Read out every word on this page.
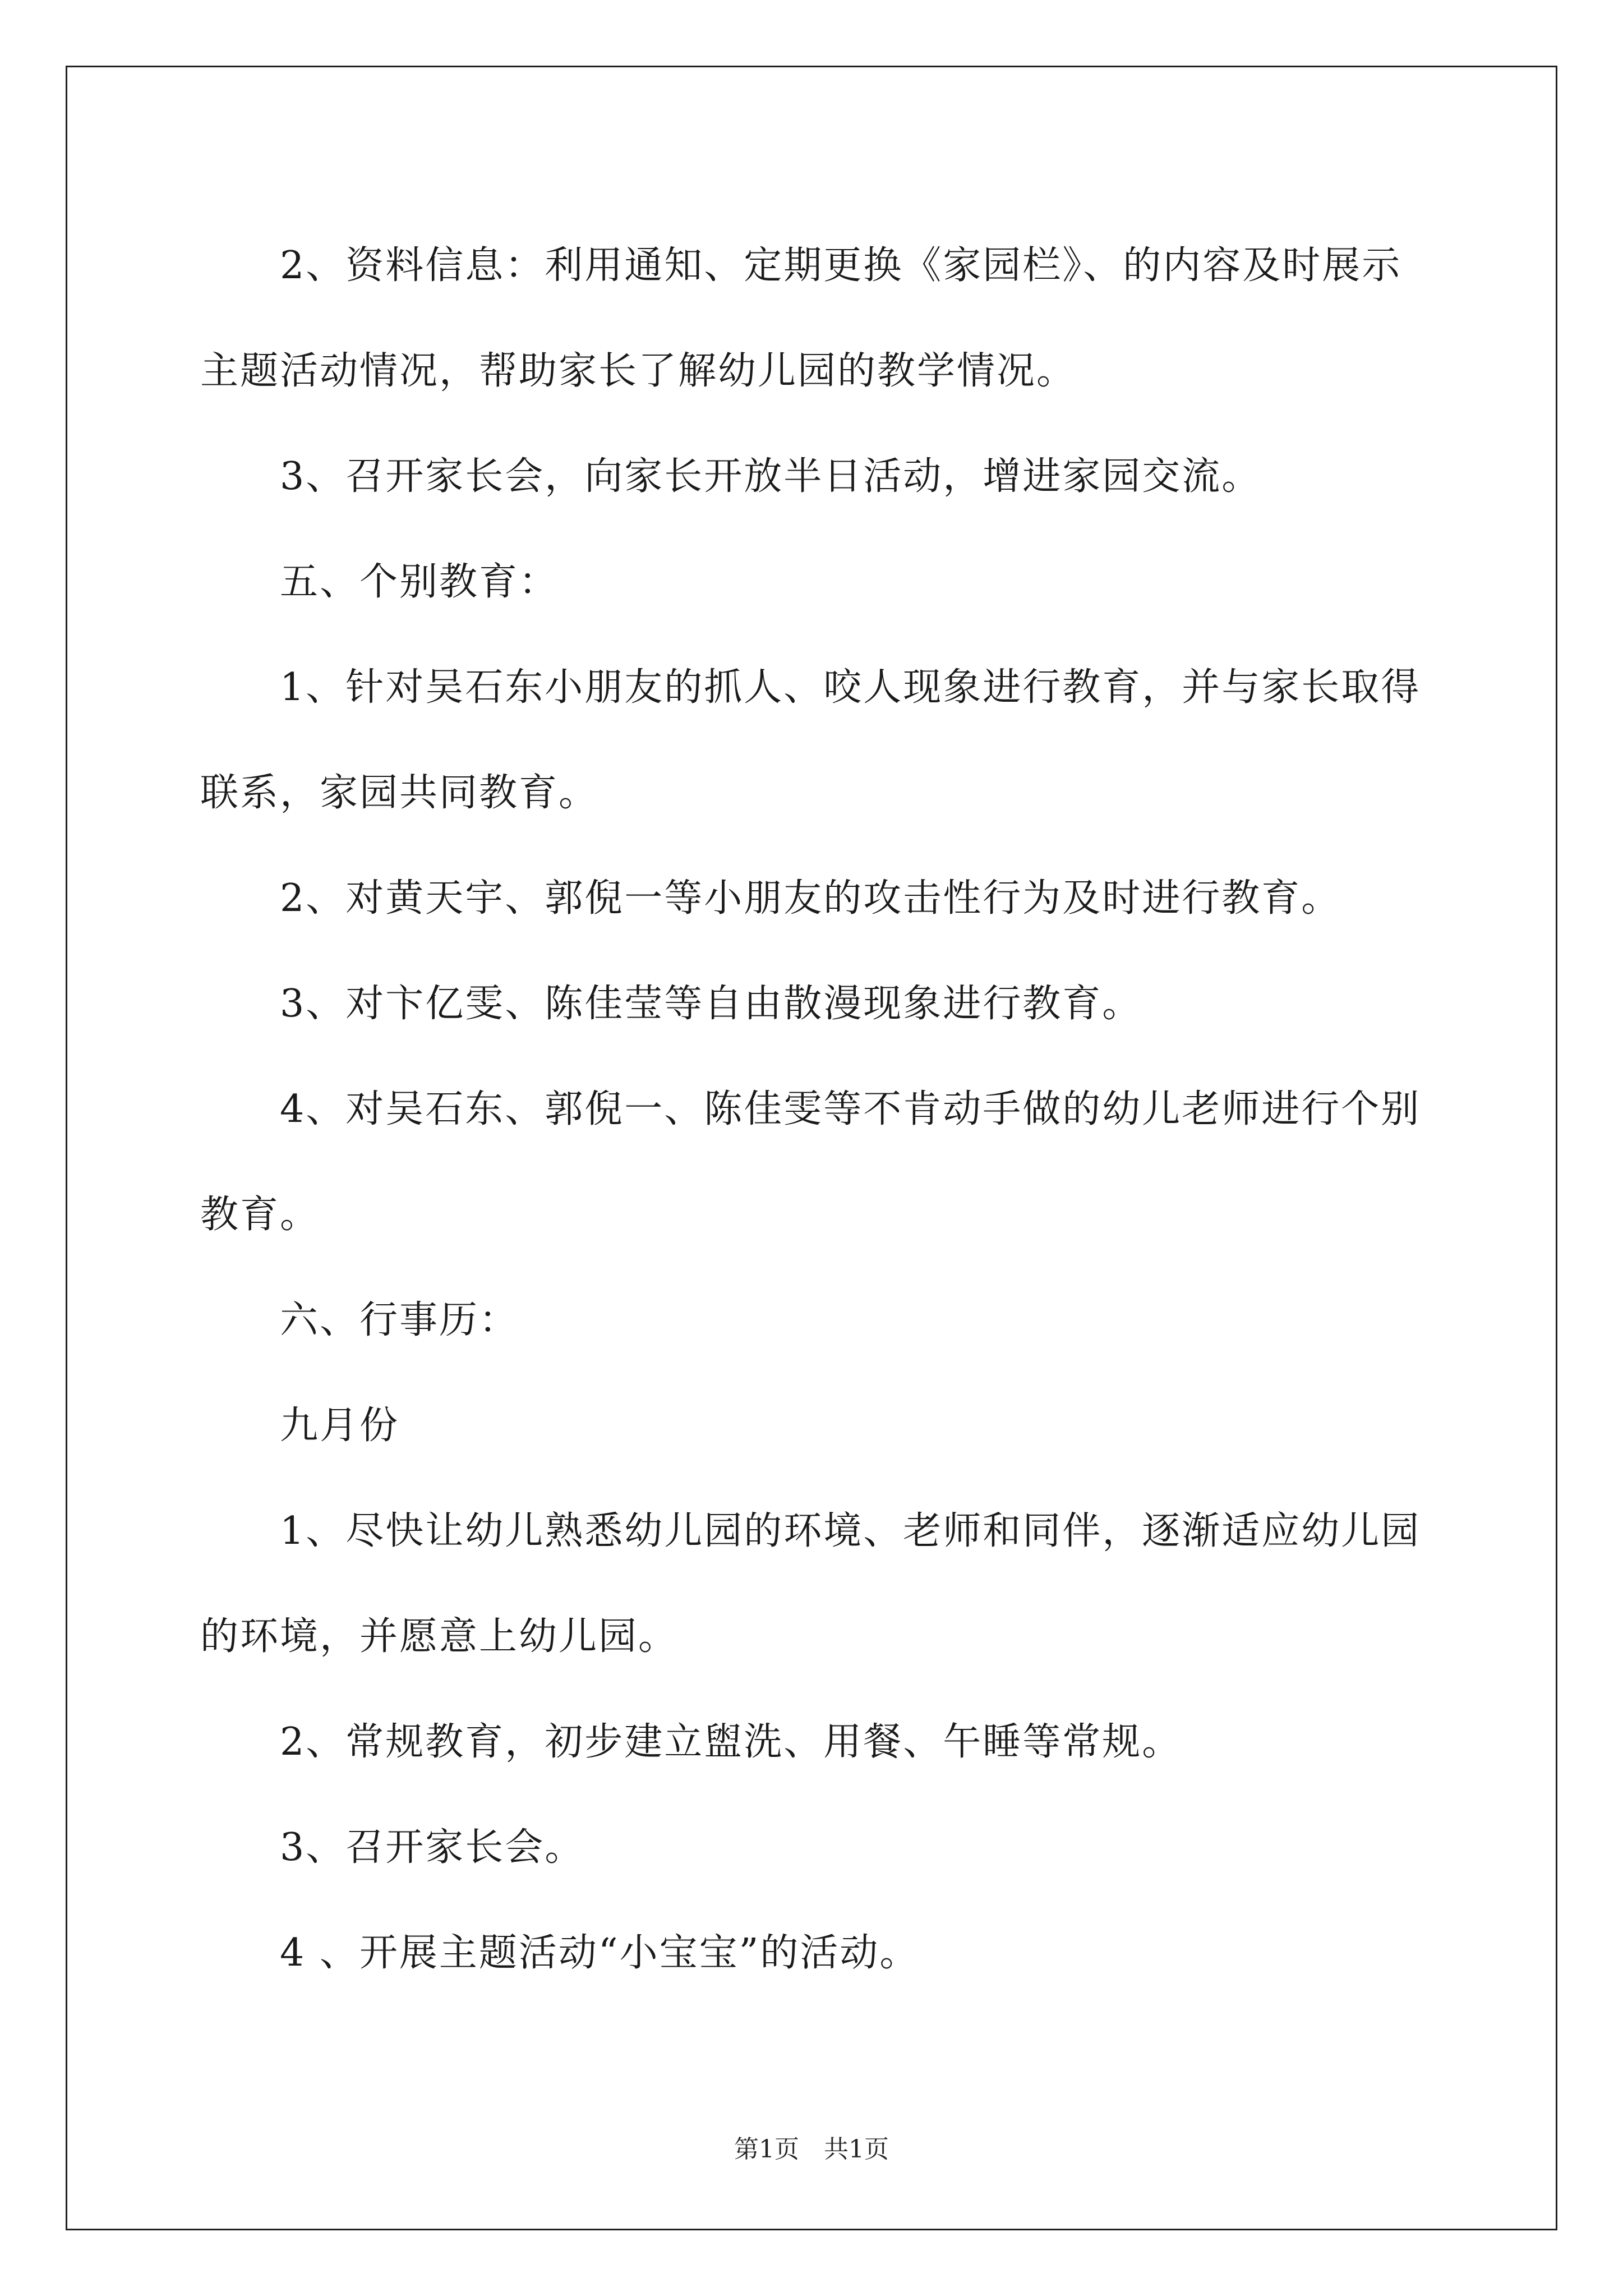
2、资料信息：利用通知、定期更换《家园栏》、的内容及时展示

主题活动情况，帮助家长了解幼儿园的教学情况。

3、召开家长会，向家长开放半日活动，增进家园交流。

五、个别教育：

1、针对吴石东小朋友的抓人、咬人现象进行教育，并与家长取得

联系，家园共同教育。

2、对黄天宇、郭倪一等小朋友的攻击性行为及时进行教育。

3、对卞亿雯、陈佳莹等自由散漫现象进行教育。

4、对吴石东、郭倪一、陈佳雯等不肯动手做的幼儿老师进行个别

教育。

六、行事历：

九月份

1、尽快让幼儿熟悉幼儿园的环境、老师和同伴，逐渐适应幼儿园

的环境，并愿意上幼儿园。

2、常规教育，初步建立盥洗、用餐、午睡等常规。

3、召开家长会。

4 、开展主题活动“小宝宝”的活动。

第1页　共1页
